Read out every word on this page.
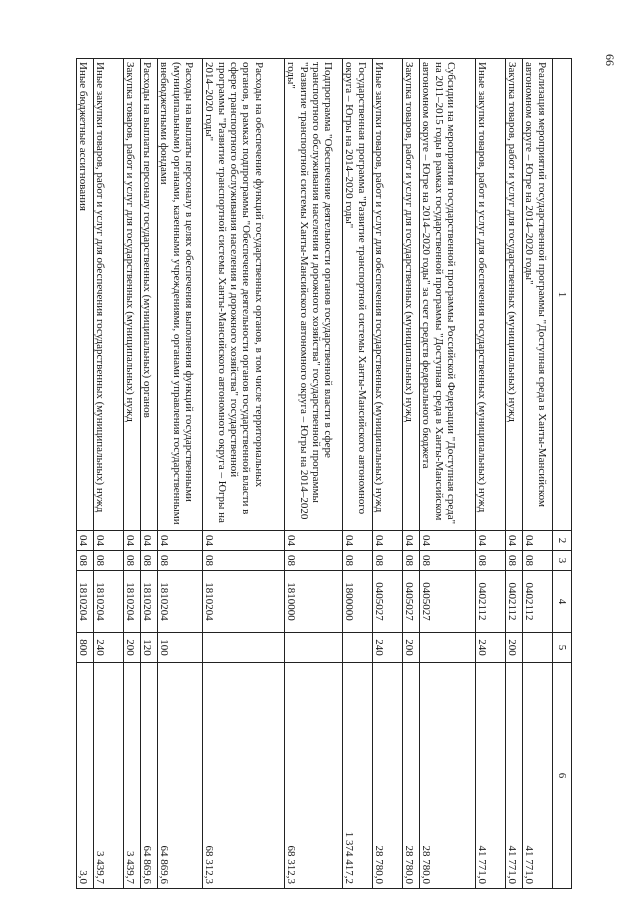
66
1	2	3	4	5	6
Реализация мероприятий государственной программы "Доступная среда в Ханты-Мансийском автономном округе – Югре на 2014–2020 годы"	04	08	0402112		41 771,0
Закупка товаров, работ и услуг для государственных (муниципальных) нужд	04	08	0402112	200	41 771,0
Иные закупки товаров, работ и услуг для обеспечения государственных (муниципальных) нужд	04	08	0402112	240	41 771,0
Субсидии на мероприятия государственной программы Российской Федерации "Доступная среда" на 2011–2015 годы в рамках государственной программы "Доступная среда в Ханты-Мансийском автономном округе – Югре на 2014–2020 годы" за счет средств федерального бюджета	04	08	0405027		28 780,0
Закупка товаров, работ и услуг для государственных (муниципальных) нужд	04	08	0405027	200	28 780,0
Иные закупки товаров, работ и услуг для обеспечения государственных (муниципальных) нужд	04	08	0405027	240	28 780,0
Государственная программа "Развитие транспортной системы Ханты-Мансийского автономного округа – Югры на 2014–2020 годы"	04	08	1800000		1 374 417,2
Подпрограмма "Обеспечение деятельности органов государственной власти в сфере транспортного обслуживания населения и дорожного хозяйства" государственной программы "Развитие транспортной системы Ханты-Мансийского автономного округа – Югры на 2014–2020 годы"	04	08	1810000		68 312,3
Расходы на обеспечение функций государственных органов, в том числе территориальных органов, в рамках подпрограммы "Обеспечение деятельности органов государственной власти в сфере транспортного обслуживания населения и дорожного хозяйства" государственной программы "Развитие транспортной системы Ханты-Мансийского автономного округа – Югры на 2014–2020 годы"	04	08	1810204		68 312,3
Расходы на выплаты персоналу в целях обеспечения выполнения функций государственными (муниципальными) органами, казенными учреждениями, органами управления государственными внебюджетными фондами	04	08	1810204	100	64 869,6
Расходы на выплаты персоналу государственных (муниципальных) органов	04	08	1810204	120	64 869,6
Закупка товаров, работ и услуг для государственных (муниципальных) нужд	04	08	1810204	200	3 439,7
Иные закупки товаров, работ и услуг для обеспечения государственных (муниципальных) нужд	04	08	1810204	240	3 439,7
Иные бюджетные ассигнования	04	08	1810204	800	3,0
